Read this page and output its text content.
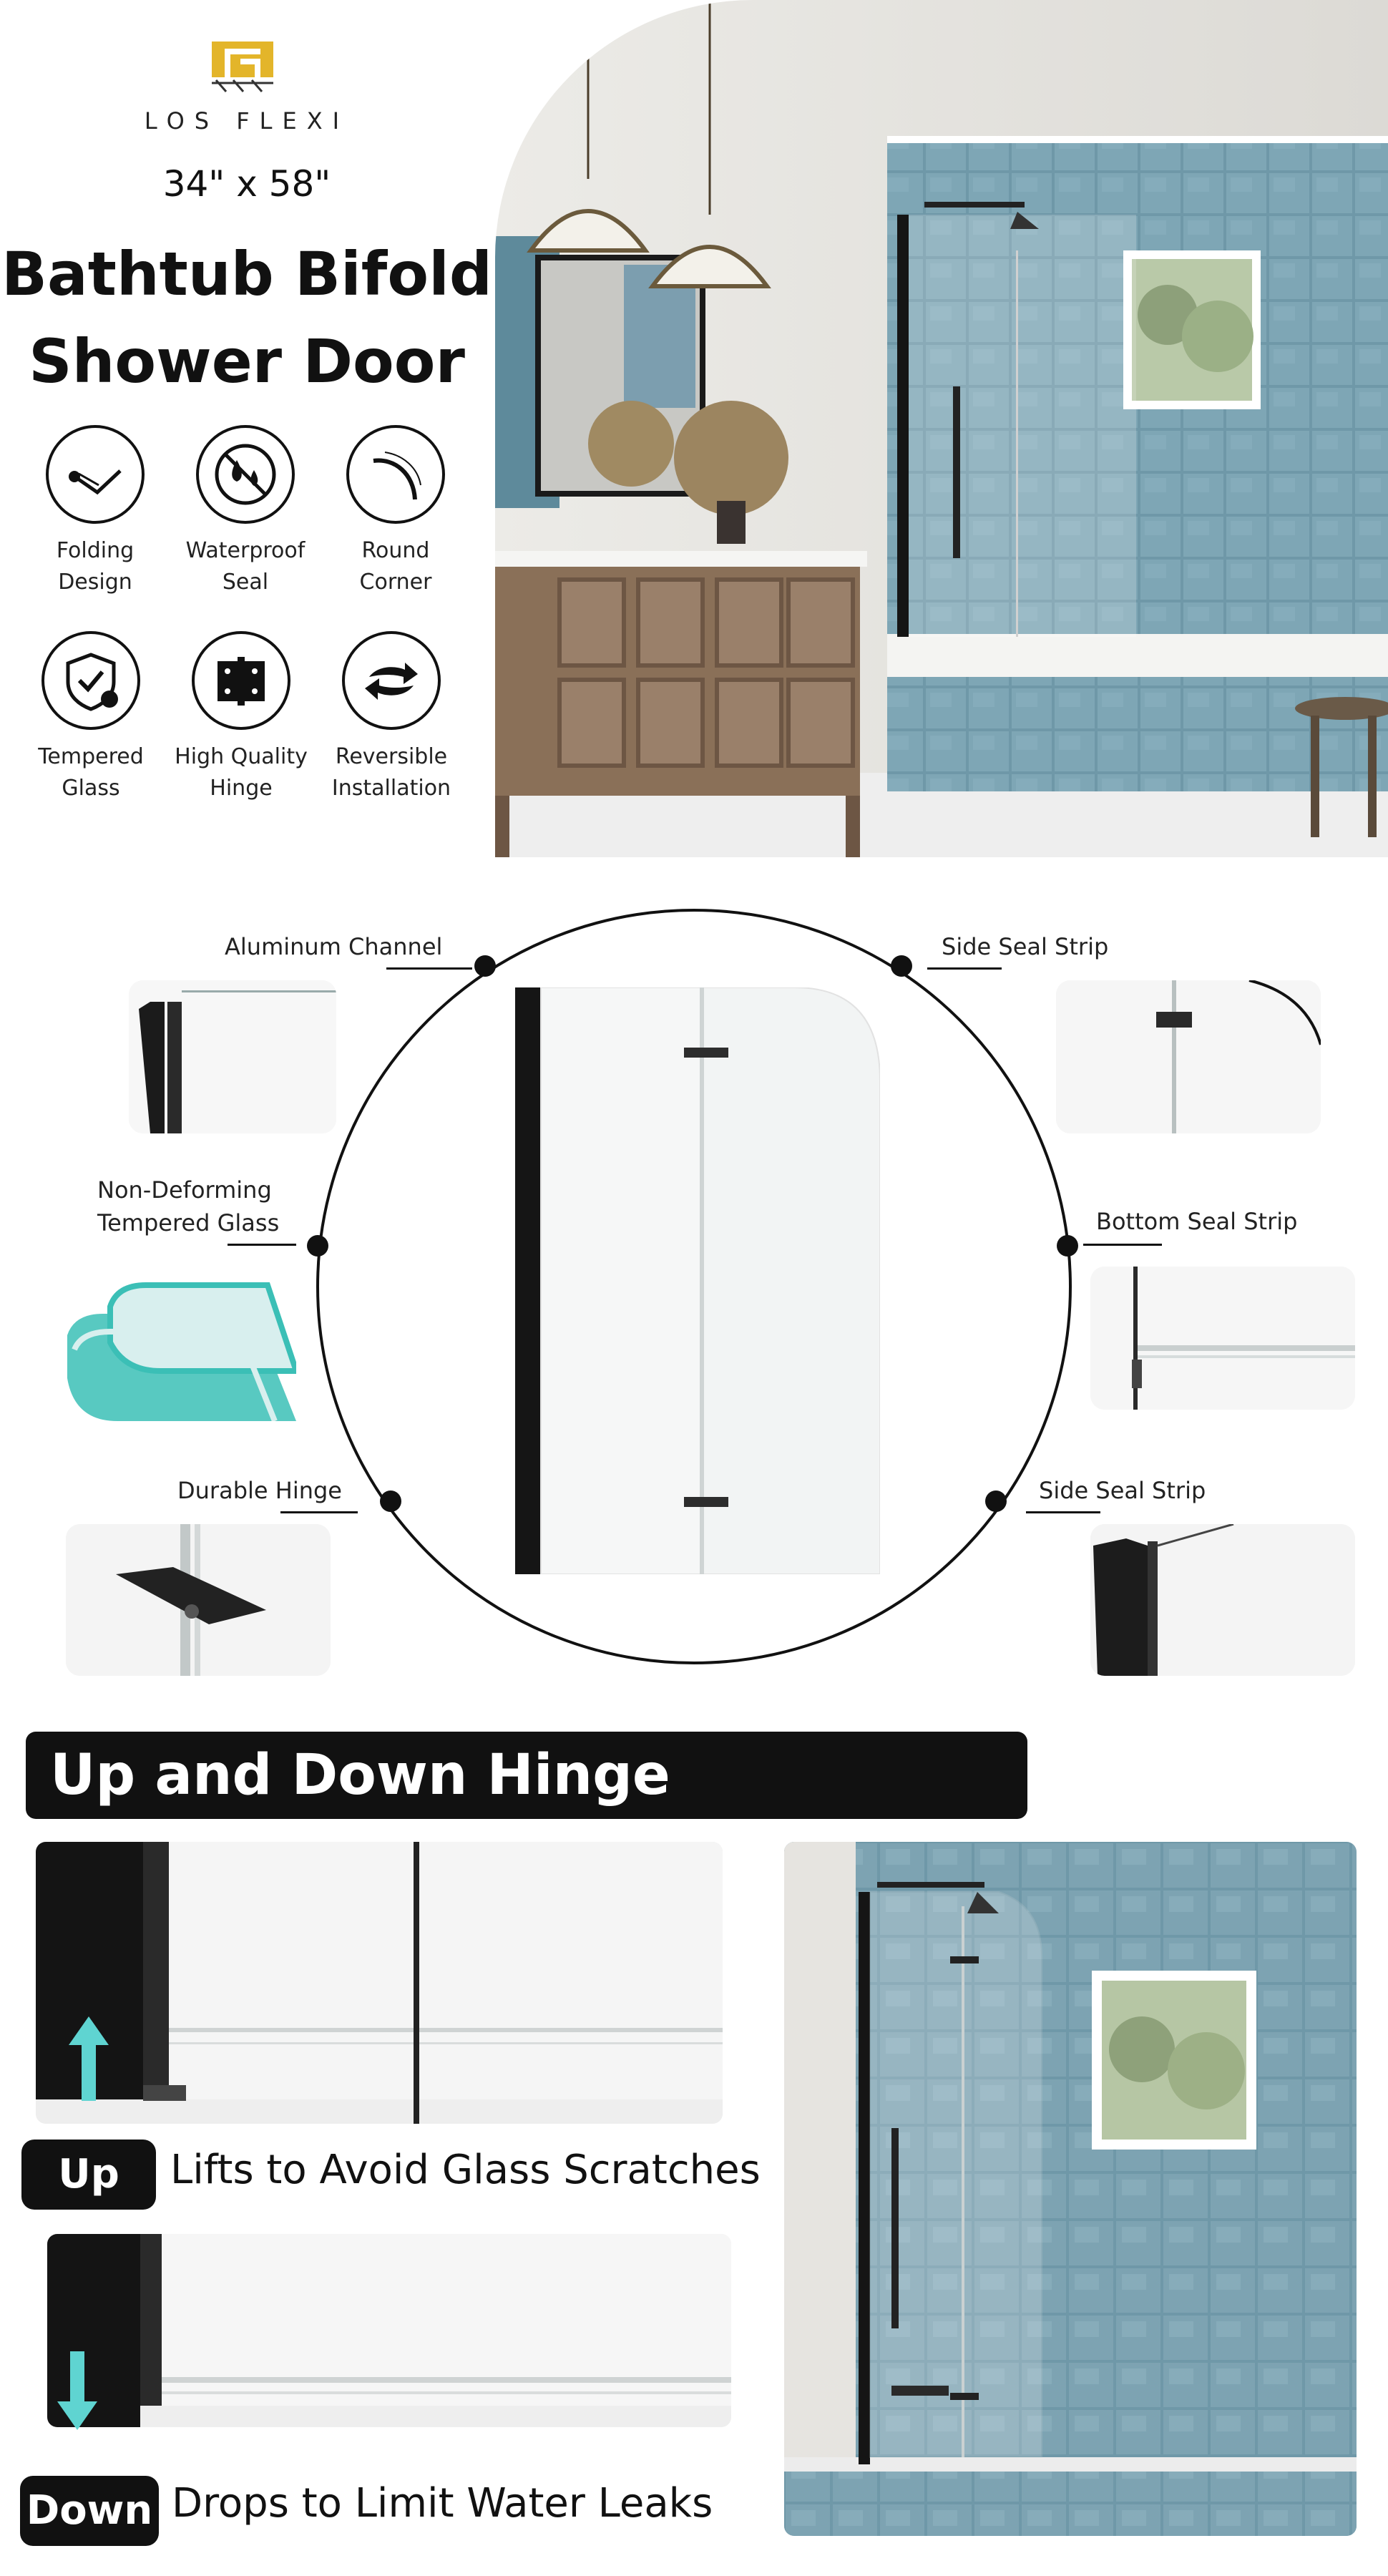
LOS FLEXI
34" x 58"
Bathtub Bifold
Shower Door
Folding
Design
Waterproof
Seal
Round
Corner
Tempered
Glass
High Quality
Hinge
Reversible
Installation
Aluminum Channel	Side Seal Strip
Non-Deforming
Tempered Glass	Bottom Seal Strip
Durable Hinge	Side Seal Strip
Up and Down Hinge
Up	Lifts to Avoid Glass Scratches
Down Drops to Limit Water Leaks
